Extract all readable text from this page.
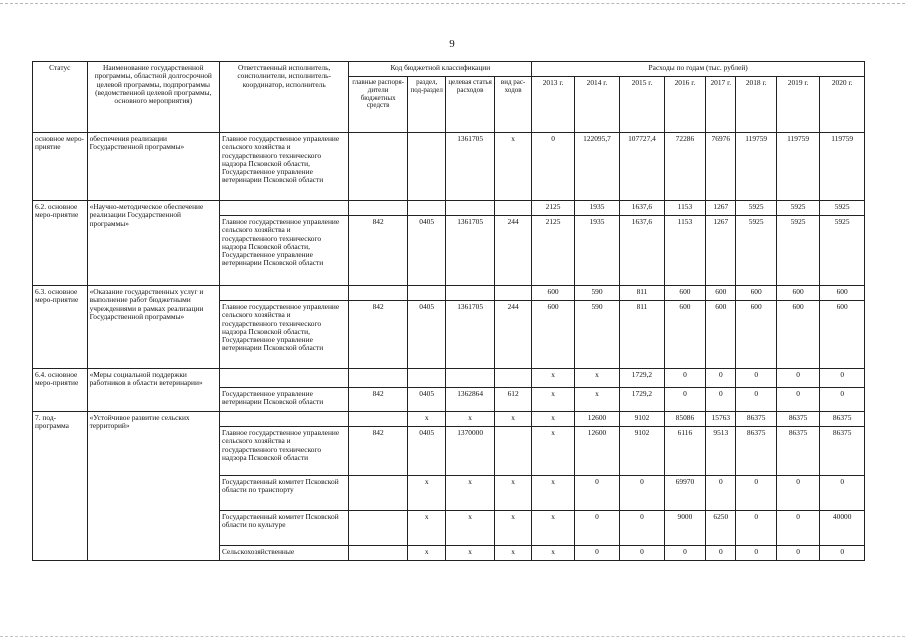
9
Статус	Наименование государственной программы, областной долгосрочной целевой программы, подпрограммы (ведомственной целевой программы, основного мероприятия)	Ответственный исполнитель, соисполнители, исполнитель-координатор, исполнитель	Код бюджетной классификации				Расходы по годам (тыс. рублей)							
			главные распоря-дители бюджетных средств	раздел, под-раздел	целевая статья расходов	вид рас-ходов	2013 г.	2014 г.	2015 г.	2016 г.	2017 г.	2018 г.	2019 г.	2020 г.
основное меро-приятие	обеспечения реализации Государственной программы»	Главное государственное управление сельского хозяйства и государственного технического надзора Псковской области, Государственное управление ветеринарии Псковской области			1361705	х	0	122095,7	107727,4	72286	76976	119759	119759	119759
6.2. основное меро-приятие	«Научно-методическое обеспечение реализации Государственной программы»						2125	1935	1637,6	1153	1267	5925	5925	5925
		Главное государственное управление сельского хозяйства и государственного технического надзора Псковской области, Государственное управление ветеринарии Псковской области	842	0405	1361705	244	2125	1935	1637,6	1153	1267	5925	5925	5925
6.3. основное меро-приятие	«Оказание государственных услуг и выполнение работ бюджетными учреждениями в рамках реализации Государственной программы»						600	590	811	600	600	600	600	600
		Главное государственное управление сельского хозяйства и государственного технического надзора Псковской области, Государственное управление ветеринарии Псковской области	842	0405	1361705	244	600	590	811	600	600	600	600	600
6.4. основное меро-приятие	«Меры социальной поддержки работников в области ветеринарии»						х	х	1729,2	0	0	0	0	0
		Государственное управление ветеринарии Псковской области	842	0405	1362864	612	х	х	1729,2	0	0	0	0	0
7. под-программа	«Устойчивое развитие сельских территорий»			х	х	х	х	12600	9102	85086	15763	86375	86375	86375
		Главное государственное управление сельского хозяйства и государственного технического надзора Псковской области	842	0405	1370000		х	12600	9102	6116	9513	86375	86375	86375
		Государственный комитет Псковской области по транспорту		х	х	х	х	0	0	69970	0	0	0	0
		Государственный комитет Псковской области по культуре		х	х	х	х	0	0	9000	6250	0	0	40000
		Сельскохозяйственные		х	х	х	х	0	0	0	0	0	0	0
